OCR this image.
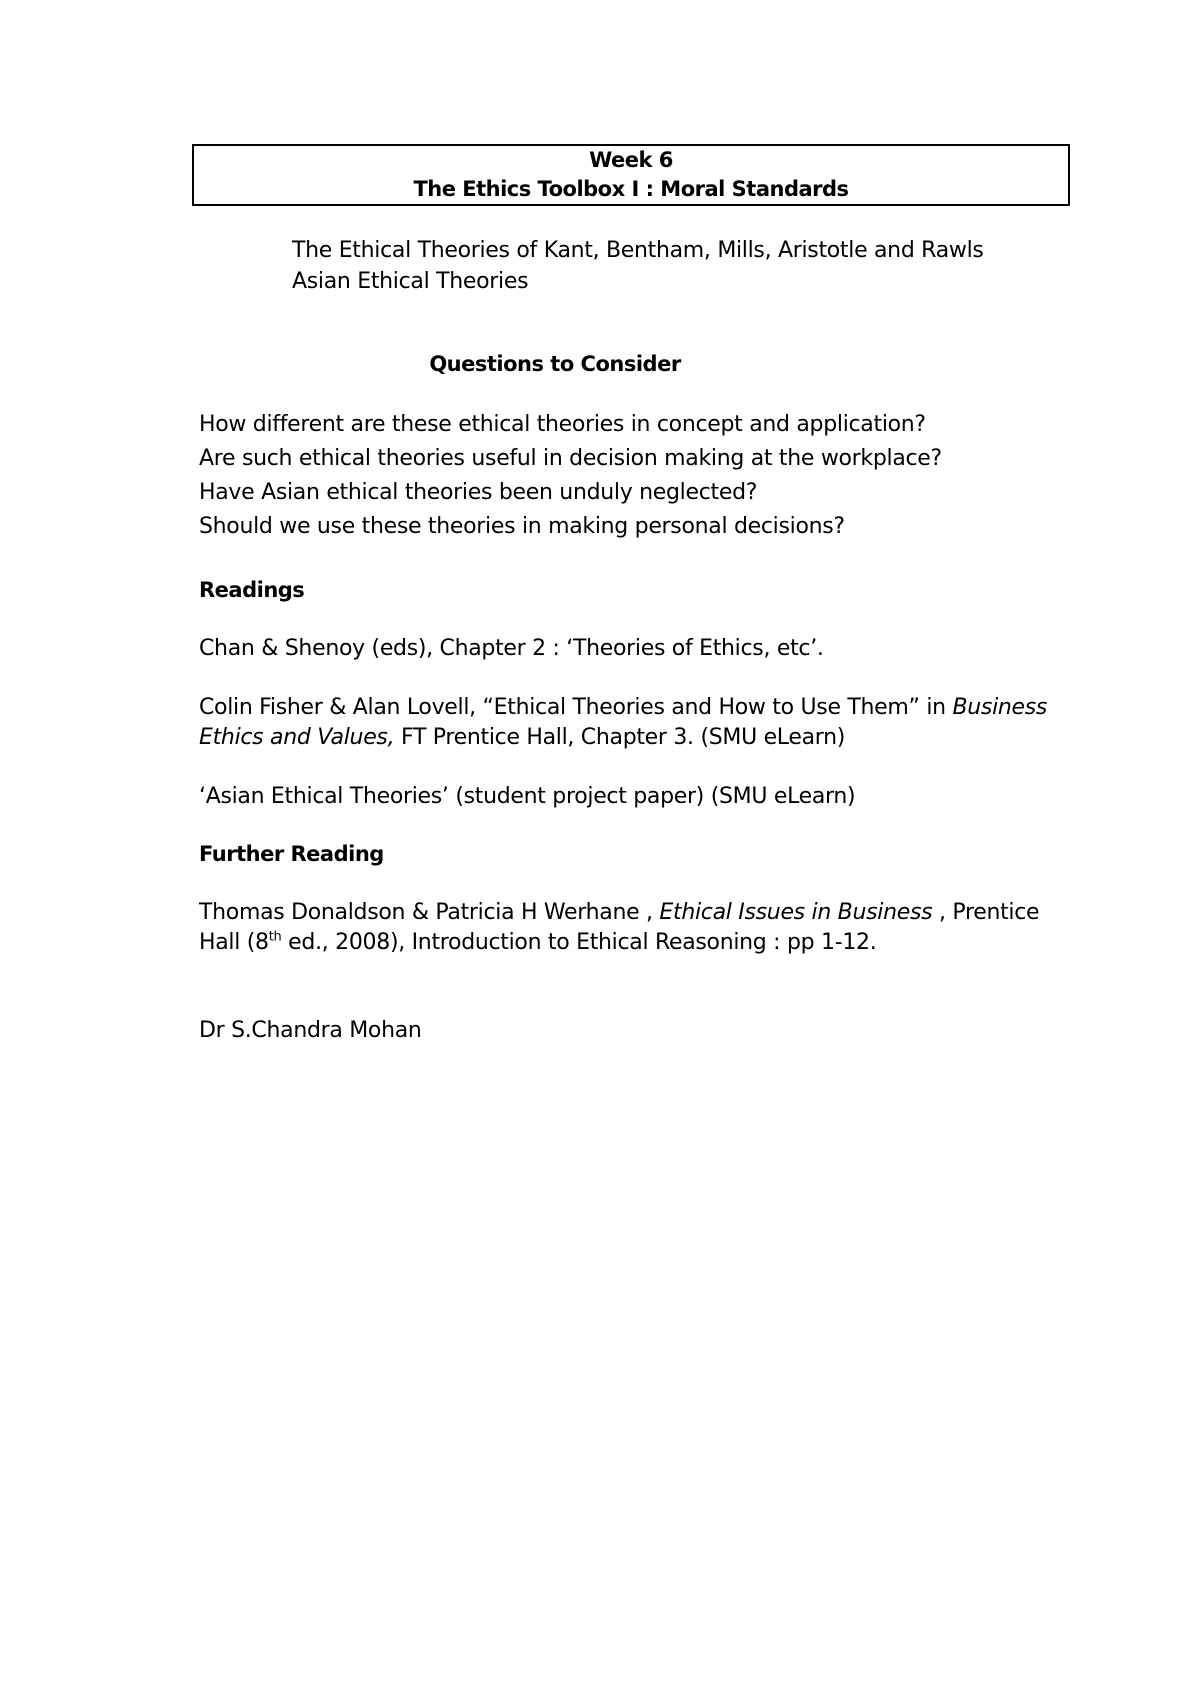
Week 6
The Ethics Toolbox I : Moral Standards
The Ethical Theories of Kant, Bentham, Mills, Aristotle and Rawls
Asian Ethical Theories
Questions to Consider
How different are these ethical theories in concept and application?
Are such ethical theories useful in decision making at the workplace?
Have Asian ethical theories been unduly neglected?
Should we use these theories in making personal decisions?
Readings
Chan & Shenoy (eds), Chapter 2 : ‘Theories of Ethics, etc’.
Colin Fisher & Alan Lovell, “Ethical Theories and How to Use Them” in Business Ethics and Values, FT Prentice Hall, Chapter 3. (SMU eLearn)
‘Asian Ethical Theories’ (student project paper) (SMU eLearn)
Further Reading
Thomas Donaldson & Patricia H Werhane , Ethical Issues in Business , Prentice Hall (8th ed., 2008), Introduction to Ethical Reasoning : pp 1-12.
Dr S.Chandra Mohan
